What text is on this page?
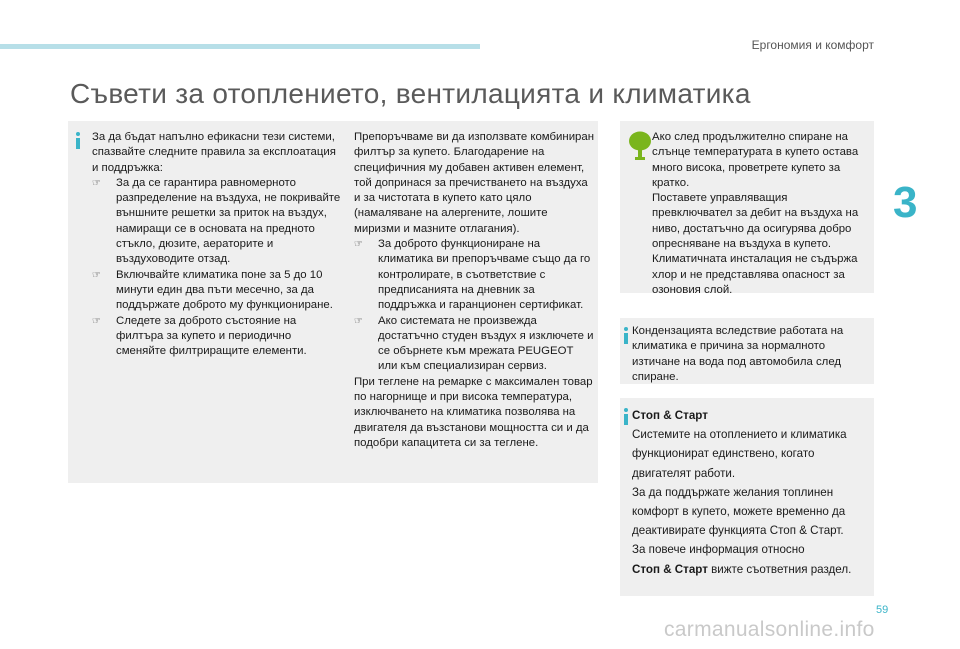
Ергономия и комфорт
Съвети за отоплението, вентилацията и климатика
3
За да бъдат напълно ефикасни тези системи, спазвайте следните правила за експлоатация и поддръжка:
☞	За да се гарантира равномерното разпределение на въздуха, не покривайте външните решетки за приток на въздух, намиращи се в основата на предното стъкло, дюзите, аераторите и въздуховодите отзад.
☞	Включвайте климатика поне за 5 до 10 минути един два пъти месечно, за да поддържате доброто му функциониране.
☞	Следете за доброто състояние на филтъра за купето и периодично сменяйте филтриращите елементи.
Препоръчваме ви да използвате комбиниран филтър за купето. Благодарение на специфичния му добавен активен елемент, той допринася за пречистването на въздуха и за чистотата в купето като цяло (намаляване на алергените, лошите миризми и мазните отлагания).
☞	За доброто функциониране на климатика ви препоръчваме също да го контролирате, в съответствие с предписанията на дневник за поддръжка и гаранционен сертификат.
☞	Ако системата не произвежда достатъчно студен въздух я изключете и се обърнете към мрежата PEUGEOT или към специализиран сервиз.
При теглене на ремарке с максимален товар по нагорнище и при висока температура, изключването на климатика позволява на двигателя да възстанови мощността си и да подобри капацитета си за теглене.
Ако след продължително спиране на слънце температурата в купето остава много висока, проветрете купето за кратко.
Поставете управляващия превключвател за дебит на въздуха на ниво, достатъчно да осигурява добро опресняване на въздуха в купето.
Климатичната инсталация не съдържа хлор и не представлява опасност за озоновия слой.
Кондензацията вследствие работата на климатика е причина за нормалното изтичане на вода под автомобила след спиране.
Стоп & Старт
Системите на отоплението и климатика функционират единствено, когато двигателят работи.
За да поддържате желания топлинен комфорт в купето, можете временно да деактивирате функцията Стоп & Старт.
За повече информация относно
Стоп & Старт вижте съответния раздел.
59
carmanualsonline.info
